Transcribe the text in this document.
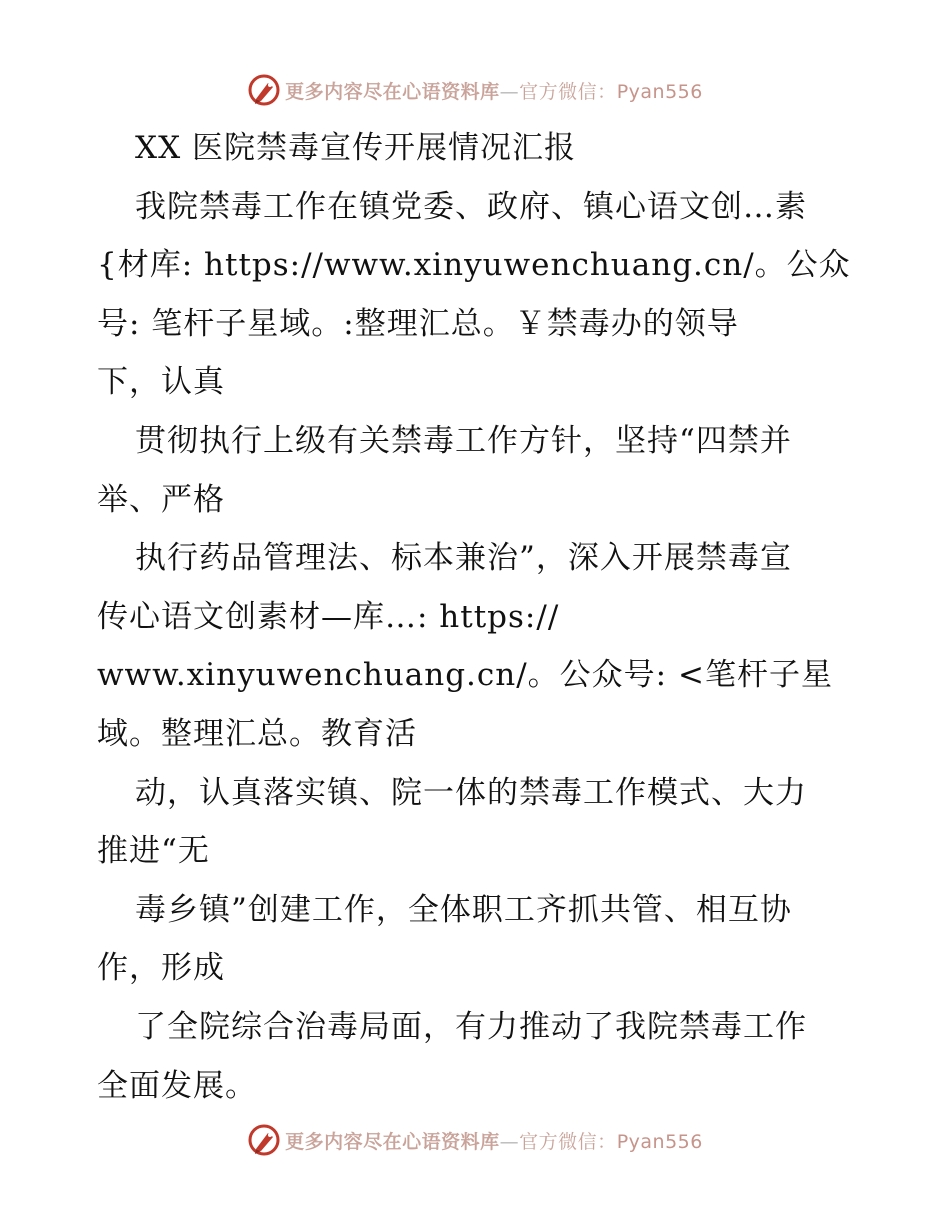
更多内容尽在心语资料库—官方微信：Pyan556
XX 医院禁毒宣传开展情况汇报
我院禁毒工作在镇党委、政府、镇心语文创…素
{材库: https://www.xinyuwenchuang.cn/。公众
号: 笔杆子星域。:整理汇总。￥禁毒办的领导
下，认真
贯彻执行上级有关禁毒工作方针，坚持“四禁并
举、严格
执行药品管理法、标本兼治”，深入开展禁毒宣
传心语文创素材—库…: https://
www.xinyuwenchuang.cn/。公众号: <笔杆子星
域。整理汇总。教育活
动，认真落实镇、院一体的禁毒工作模式、大力
推进“无
毒乡镇”创建工作，全体职工齐抓共管、相互协
作，形成
了全院综合治毒局面，有力推动了我院禁毒工作
全面发展。
更多内容尽在心语资料库—官方微信：Pyan556
